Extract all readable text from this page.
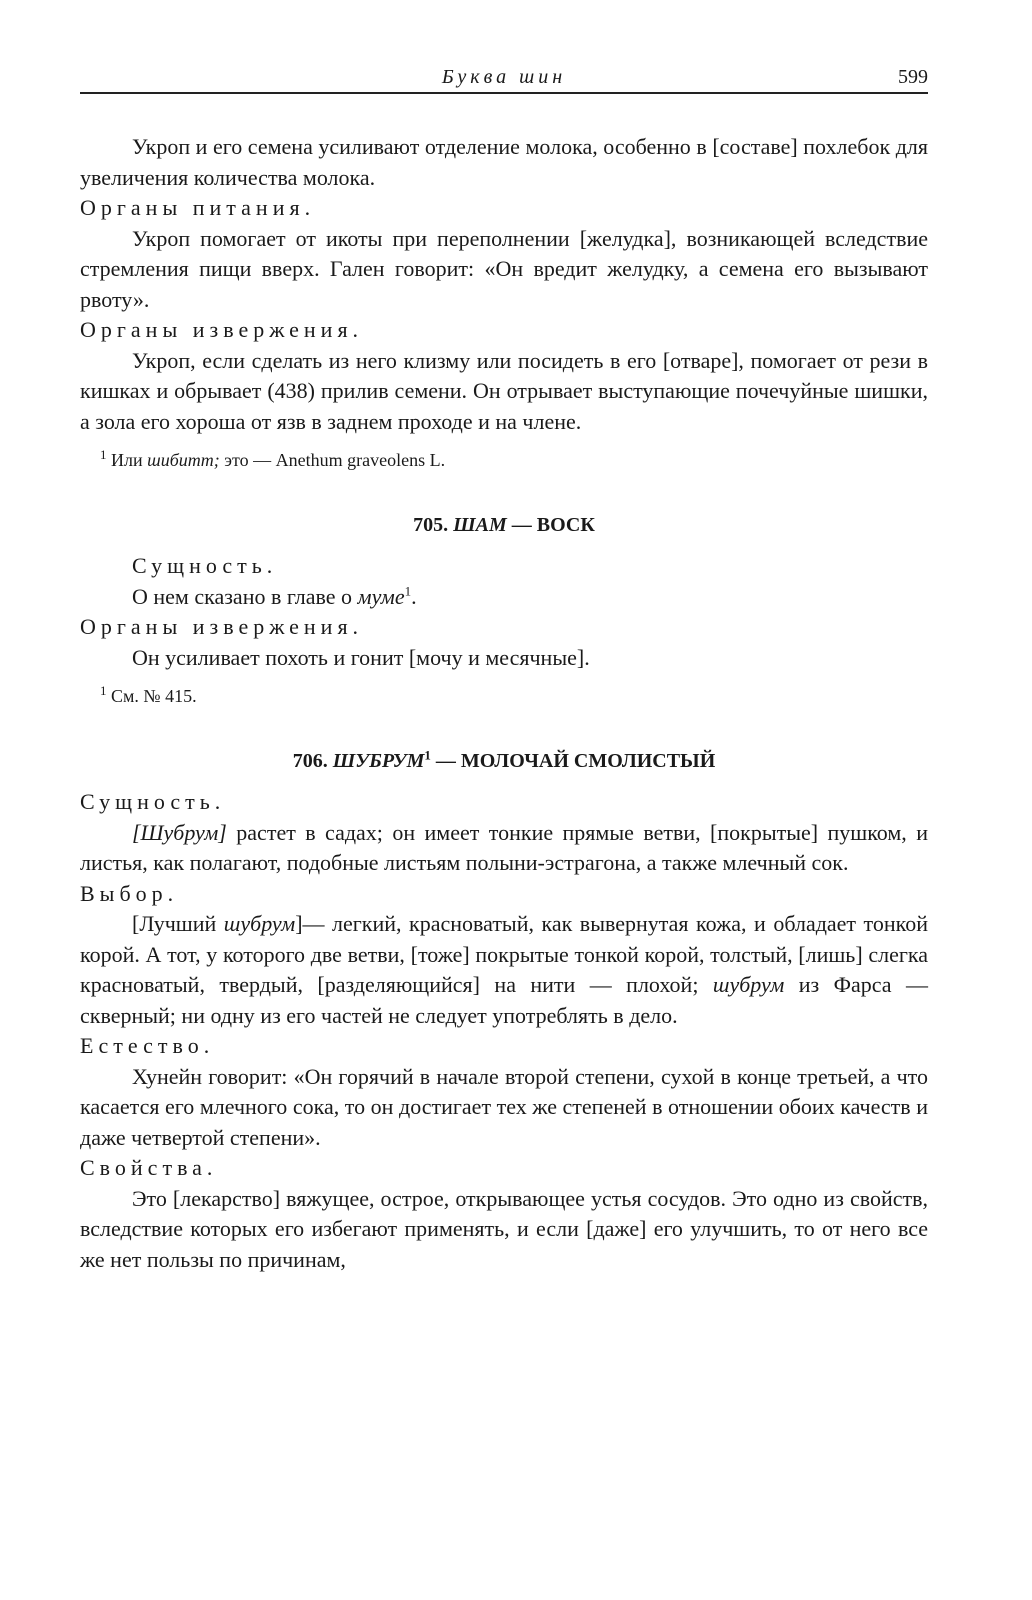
Буква шин	599

Укроп и его семена усиливают отделение молока, особенно в [составе] похлебок для увеличения количества молока.

Органы питания.

Укроп помогает от икоты при переполнении [желудка], возникающей вследствие стремления пищи вверх. Гален говорит: «Он вредит желудку, а семена его вызывают рвоту».

Органы извержения.

Укроп, если сделать из него клизму или посидеть в его [отваре], помогает от рези в кишках и обрывает (438) прилив семени. Он отрывает выступающие почечуйные шишки, а зола его хороша от язв в заднем проходе и на члене.

$^1$ Или шибитт; это — Anethum graveolens L.

705. ШАМ — ВОСК

Сущность.

О нем сказано в главе о муме$^1$.

Органы извержения.

Он усиливает похоть и гонит [мочу и месячные].

$^1$ См. № 415.

706. ШУБРУМ$^1$ — МОЛОЧАЙ СМОЛИСТЫЙ

Сущность.

[Шубрум] растет в садах; он имеет тонкие прямые ветви, [покрытые] пушком, и листья, как полагают, подобные листьям полыни-эстрагона, а также млечный сок.

Выбор.

[Лучший шубрум]— легкий, красноватый, как вывернутая кожа, и обладает тонкой корой. А тот, у которого две ветви, [тоже] покрытые тонкой корой, толстый, [лишь] слегка красноватый, твердый, [разделяющийся] на нити — плохой; шубрум из Фарса — скверный; ни одну из его частей не следует употреблять в дело.

Естество.

Хунейн говорит: «Он горячий в начале второй степени, сухой в конце третьей, а что касается его млечного сока, то он достигает тех же степеней в отношении обоих качеств и даже четвертой степени».

Свойства.

Это [лекарство] вяжущее, острое, открывающее устья сосудов. Это одно из свойств, вследствие которых его избегают применять, и если [даже] его улучшить, то от него все же нет пользы по причинам,
